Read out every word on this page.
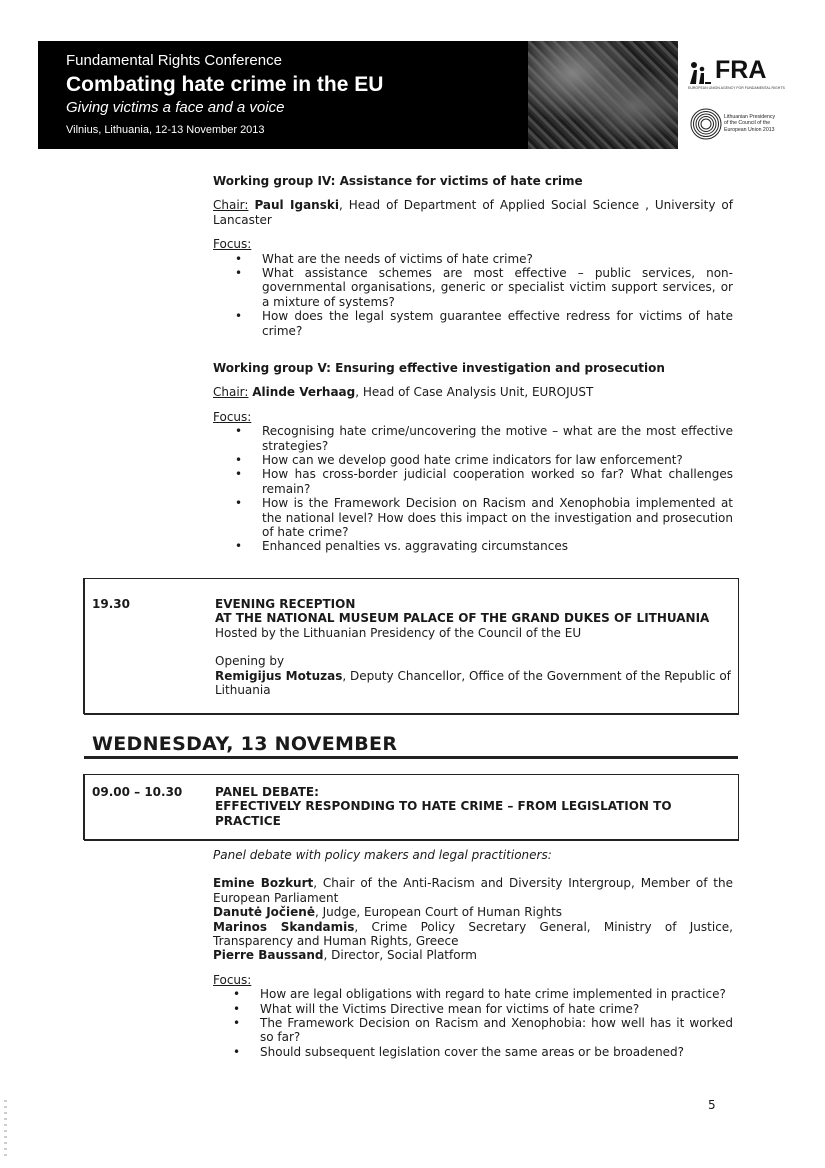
Fundamental Rights Conference
Combating hate crime in the EU
Giving victims a face and a voice
Vilnius, Lithuania, 12-13 November 2013
FRA
EUROPEAN UNION AGENCY FOR FUNDAMENTAL RIGHTS
Lithuanian Presidency
of the Council of the
European Union 2013
Working group IV: Assistance for victims of hate crime
Chair: Paul Iganski, Head of Department of Applied Social Science , University of Lancaster
Focus:
• What are the needs of victims of hate crime?
• What assistance schemes are most effective – public services, non-governmental organisations, generic or specialist victim support services, or a mixture of systems?
• How does the legal system guarantee effective redress for victims of hate crime?
Working group V: Ensuring effective investigation and prosecution
Chair: Alinde Verhaag, Head of Case Analysis Unit, EUROJUST
Focus:
• Recognising hate crime/uncovering the motive – what are the most effective strategies?
• How can we develop good hate crime indicators for law enforcement?
• How has cross-border judicial cooperation worked so far? What challenges remain?
• How is the Framework Decision on Racism and Xenophobia implemented at the national level? How does this impact on the investigation and prosecution of hate crime?
• Enhanced penalties vs. aggravating circumstances
19.30	EVENING RECEPTION
AT THE NATIONAL MUSEUM PALACE OF THE GRAND DUKES OF LITHUANIA
Hosted by the Lithuanian Presidency of the Council of the EU
Opening by
Remigijus Motuzas, Deputy Chancellor, Office of the Government of the Republic of Lithuania
WEDNESDAY, 13 NOVEMBER
09.00 – 10.30	PANEL DEBATE:
EFFECTIVELY RESPONDING TO HATE CRIME – FROM LEGISLATION TO PRACTICE
Panel debate with policy makers and legal practitioners:
Emine Bozkurt, Chair of the Anti-Racism and Diversity Intergroup, Member of the European Parliament
Danutė Jočienė, Judge, European Court of Human Rights
Marinos Skandamis, Crime Policy Secretary General, Ministry of Justice, Transparency and Human Rights, Greece
Pierre Baussand, Director, Social Platform
Focus:
• How are legal obligations with regard to hate crime implemented in practice?
• What will the Victims Directive mean for victims of hate crime?
• The Framework Decision on Racism and Xenophobia: how well has it worked so far?
• Should subsequent legislation cover the same areas or be broadened?
5
